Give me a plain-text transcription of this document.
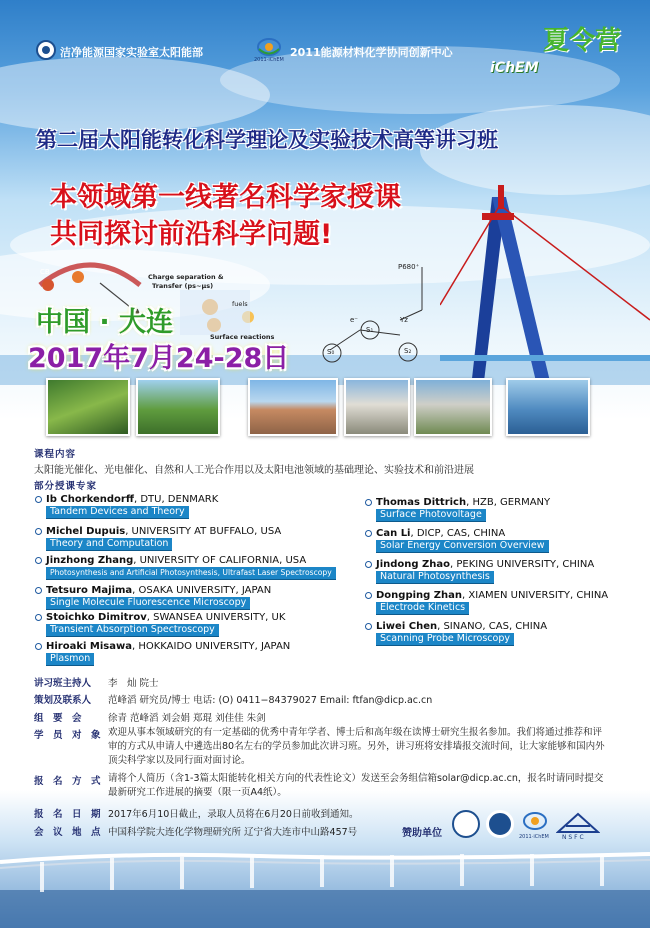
洁净能源国家实验室太阳能部
2011·iChEM
2011能源材料化学协同创新中心
iChEM
夏令营
第二届太阳能转化科学理论及实验技术高等讲习班
本领域第一线著名科学家授课
共同探讨前沿科学问题!
CB
Charge separation &
Transfer (ps~μs)
fuels
Surface reactions
P680⁺
S₀
S₁
S₂
e⁻	Yz
中国 · 大连
2017年7月24-28日
课程内容
太阳能光催化、光电催化、自然和人工光合作用以及太阳电池领域的基础理论、实验技术和前沿进展
部分授课专家
Ib Chorkendorff, DTU, DENMARK
Tandem Devices and Theory
Michel Dupuis, UNIVERSITY AT BUFFALO, USA
Theory and Computation
Jinzhong Zhang, UNIVERSITY OF CALIFORNIA, USA
Photosynthesis and Artificial Photosynthesis, Ultrafast Laser Spectroscopy
Tetsuro Majima, OSAKA UNIVERSITY, JAPAN
Single Molecule Fluorescence Microscopy
Stoichko Dimitrov, SWANSEA UNIVERSITY, UK
Transient Absorption Spectroscopy
Hiroaki Misawa, HOKKAIDO UNIVERSITY, JAPAN
Plasmon
Thomas Dittrich, HZB, GERMANY
Surface Photovoltage
Can Li, DICP, CAS, CHINA
Solar Energy Conversion Overview
Jindong Zhao, PEKING UNIVERSITY, CHINA
Natural Photosynthesis
Dongping Zhan, XIAMEN UNIVERSITY, CHINA
Electrode Kinetics
Liwei Chen, SINANO, CAS, CHINA
Scanning Probe Microscopy
讲习班主持人	李　灿 院士
策划及联系人	范峰滔 研究员/博士 电话: (O) 0411−84379027 Email: ftfan@dicp.ac.cn
组　要　会	徐青 范峰滔 刘会娟 郑琨 刘佳佳 朱剑
学　员　对　象 欢迎从事本领域研究的有一定基础的优秀中青年学者、博士后和高年级在读博士研究生报名参加。我们将通过推荐和评审的方式从申请人中遴选出80名左右的学员参加此次讲习班。另外，讲习班将安排墙报交流时间，让大家能够和国内外顶尖科学家以及同行面对面讨论。
报　名　方　式 请将个人简历（含1-3篇太阳能转化相关方向的代表性论文）发送至会务组信箱solar@dicp.ac.cn，报名时请同时提交最新研究工作进展的摘要（限一页A4纸）。
报　名　日　期 2017年6月10日截止，录取人员将在6月20日前收到通知。
会　议　地　点 中国科学院大连化学物理研究所 辽宁省大连市中山路457号	赞助单位	2011·iChEM N S F C
